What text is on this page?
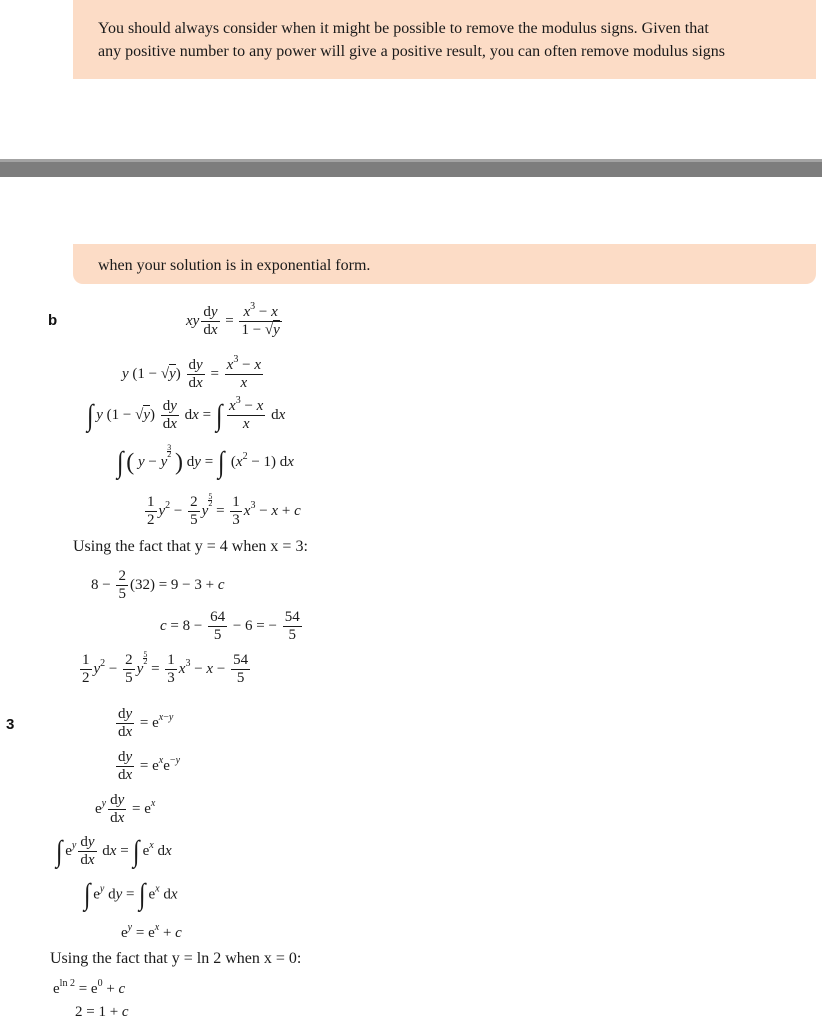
You should always consider when it might be possible to remove the modulus signs. Given that
any positive number to any power will give a positive result, you can often remove modulus signs
when your solution is in exponential form.
b	xy $\frac{dy}{dx} = \frac{x^3 - x}{1 - √y}$
y $(1 - √y) \frac{dy}{dx} = \frac{x^3 - x}{x}$
∫ y $(1 - √y) \frac{dy}{dx}$ dx = ∫ $\frac{x^3 - x}{x}$ dx
∫ ( y − y
$\frac{3}{2}$ ) dy = ∫ $(x^2 - 1)$ dx
$\frac{1}{2} y^2 - \frac{2}{5}$ y
$\frac{5}{2}$
= $\frac{1}{3} x^3 - x + c$
Using the fact that y = 4 when x = 3:
$8 - \frac{2}{5} (32) = 9 - 3 + c$
$c = 8 - \frac{64}{5} - 6$ = − $\frac{54}{5}$
$\frac{1}{2} y^2 - \frac{2}{5}$ y
$\frac{5}{2}$
= $\frac{1}{3} x^3 - x - \frac{54}{5}$
3	$\frac{dy}{dx} = e^{x-y}$
$\frac{dy}{dx} = e^xe^{-y}$
$e^y \frac{dy}{dx} = e^x$
∫ $e^y \frac{dy}{dx}$ dx = ∫ $e^x$ dx
∫ $e^y$ dy = ∫ $e^x$ dx
$e^y = e^x + c$
Using the fact that y = ln 2 when x = 0:
$e^{ln 2} = e^0 + c$
2 = 1 + c
